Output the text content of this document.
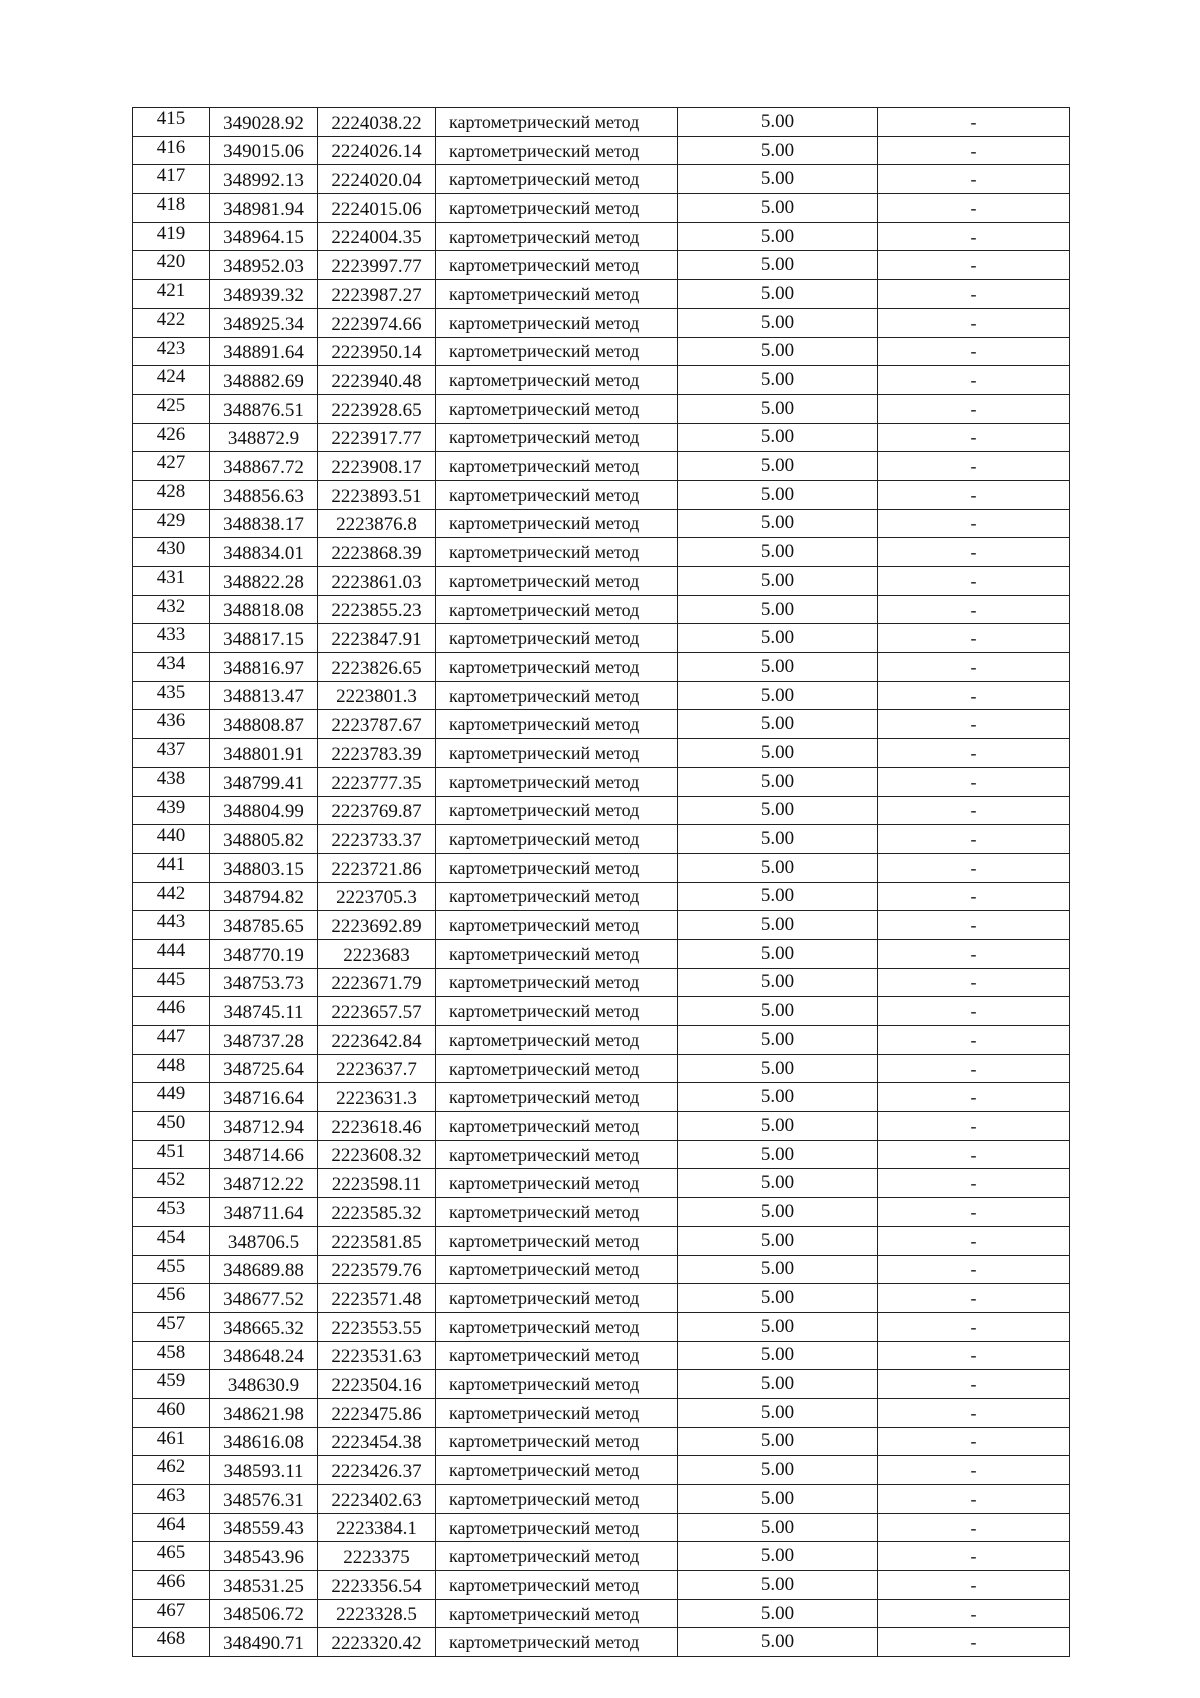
415	349028.92	2224038.22	картометрический метод	5.00	-
416	349015.06	2224026.14	картометрический метод	5.00	-
417	348992.13	2224020.04	картометрический метод	5.00	-
418	348981.94	2224015.06	картометрический метод	5.00	-
419	348964.15	2224004.35	картометрический метод	5.00	-
420	348952.03	2223997.77	картометрический метод	5.00	-
421	348939.32	2223987.27	картометрический метод	5.00	-
422	348925.34	2223974.66	картометрический метод	5.00	-
423	348891.64	2223950.14	картометрический метод	5.00	-
424	348882.69	2223940.48	картометрический метод	5.00	-
425	348876.51	2223928.65	картометрический метод	5.00	-
426	348872.9	2223917.77	картометрический метод	5.00	-
427	348867.72	2223908.17	картометрический метод	5.00	-
428	348856.63	2223893.51	картометрический метод	5.00	-
429	348838.17	2223876.8	картометрический метод	5.00	-
430	348834.01	2223868.39	картометрический метод	5.00	-
431	348822.28	2223861.03	картометрический метод	5.00	-
432	348818.08	2223855.23	картометрический метод	5.00	-
433	348817.15	2223847.91	картометрический метод	5.00	-
434	348816.97	2223826.65	картометрический метод	5.00	-
435	348813.47	2223801.3	картометрический метод	5.00	-
436	348808.87	2223787.67	картометрический метод	5.00	-
437	348801.91	2223783.39	картометрический метод	5.00	-
438	348799.41	2223777.35	картометрический метод	5.00	-
439	348804.99	2223769.87	картометрический метод	5.00	-
440	348805.82	2223733.37	картометрический метод	5.00	-
441	348803.15	2223721.86	картометрический метод	5.00	-
442	348794.82	2223705.3	картометрический метод	5.00	-
443	348785.65	2223692.89	картометрический метод	5.00	-
444	348770.19	2223683	картометрический метод	5.00	-
445	348753.73	2223671.79	картометрический метод	5.00	-
446	348745.11	2223657.57	картометрический метод	5.00	-
447	348737.28	2223642.84	картометрический метод	5.00	-
448	348725.64	2223637.7	картометрический метод	5.00	-
449	348716.64	2223631.3	картометрический метод	5.00	-
450	348712.94	2223618.46	картометрический метод	5.00	-
451	348714.66	2223608.32	картометрический метод	5.00	-
452	348712.22	2223598.11	картометрический метод	5.00	-
453	348711.64	2223585.32	картометрический метод	5.00	-
454	348706.5	2223581.85	картометрический метод	5.00	-
455	348689.88	2223579.76	картометрический метод	5.00	-
456	348677.52	2223571.48	картометрический метод	5.00	-
457	348665.32	2223553.55	картометрический метод	5.00	-
458	348648.24	2223531.63	картометрический метод	5.00	-
459	348630.9	2223504.16	картометрический метод	5.00	-
460	348621.98	2223475.86	картометрический метод	5.00	-
461	348616.08	2223454.38	картометрический метод	5.00	-
462	348593.11	2223426.37	картометрический метод	5.00	-
463	348576.31	2223402.63	картометрический метод	5.00	-
464	348559.43	2223384.1	картометрический метод	5.00	-
465	348543.96	2223375	картометрический метод	5.00	-
466	348531.25	2223356.54	картометрический метод	5.00	-
467	348506.72	2223328.5	картометрический метод	5.00	-
468	348490.71	2223320.42	картометрический метод	5.00	-
